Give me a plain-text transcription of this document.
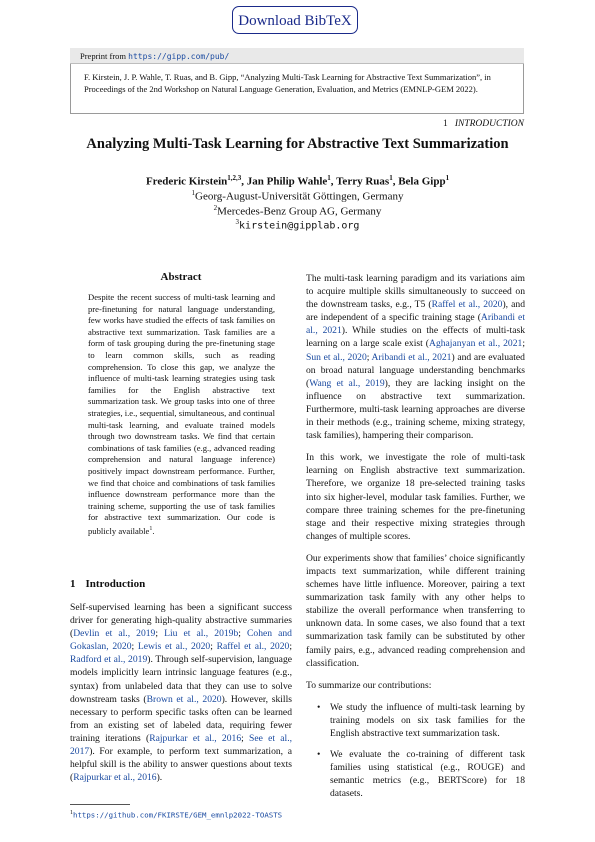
Download BibTeX
Preprint from https://gipp.com/pub/
F. Kirstein, J. P. Wahle, T. Ruas, and B. Gipp, “Analyzing Multi-Task Learning for Abstractive Text Summarization”, in Proceedings of the 2nd Workshop on Natural Language Generation, Evaluation, and Metrics (EMNLP-GEM 2022).
1 INTRODUCTION
Analyzing Multi-Task Learning for Abstractive Text Summarization
Frederic Kirstein$^{1,2,3}$, Jan Philip Wahle$^1$, Terry Ruas$^1$, Bela Gipp$^1$
$^1$Georg-August-Universität Göttingen, Germany
$^2$Mercedes-Benz Group AG, Germany
$^3$kirstein@gipplab.org
Abstract
Despite the recent success of multi-task learning and pre-finetuning for natural language understanding, few works have studied the effects of task families on abstractive text summarization. Task families are a form of task grouping during the pre-finetuning stage to learn common skills, such as reading comprehension. To close this gap, we analyze the influence of multi-task learning strategies using task families for the English abstractive text summarization task. We group tasks into one of three strategies, i.e., sequential, simultaneous, and continual multi-task learning, and evaluate trained models through two downstream tasks. We find that certain combinations of task families (e.g., advanced reading comprehension and natural language inference) positively impact downstream performance. Further, we find that choice and combinations of task families influence downstream performance more than the training scheme, supporting the use of task families for abstractive text summarization. Our code is publicly available$^1$.
1 Introduction

Self-supervised learning has been a significant success driver for generating high-quality abstractive summaries (Devlin et al., 2019; Liu et al., 2019b; Cohen and Gokaslan, 2020; Lewis et al., 2020; Raffel et al., 2020; Radford et al., 2019). Through self-supervision, language models implicitly learn intrinsic language features (e.g., syntax) from unlabeled data that they can use to solve downstream tasks (Brown et al., 2020). However, skills necessary to perform specific tasks often can be learned from an existing set of labeled data, requiring fewer training iterations (Rajpurkar et al., 2016; See et al., 2017). For example, to perform text summarization, a helpful skill is the ability to answer questions about texts (Rajpurkar et al., 2016).

The multi-task learning paradigm and its variations aim to acquire multiple skills simultaneously to succeed on the downstream tasks, e.g., T5 (Raffel et al., 2020), and are independent of a specific training stage (Aribandi et al., 2021). While studies on the effects of multi-task learning on a large scale exist (Aghajanyan et al., 2021; Sun et al., 2020; Aribandi et al., 2021) and are evaluated on broad natural language understanding benchmarks (Wang et al., 2019), they are lacking insight on the influence on abstractive text summarization. Furthermore, multi-task learning approaches are diverse in their methods (e.g., training scheme, mixing strategy, task families), hampering their comparison.

In this work, we investigate the role of multi-task learning on English abstractive text summarization. Therefore, we organize 18 pre-selected training tasks into six higher-level, modular task families. Further, we compare three training schemes for the pre-finetuning stage and their respective mixing strategies through changes of multiple scores.

Our experiments show that families’ choice significantly impacts text summarization, while different training schemes have little influence. Moreover, pairing a text summarization task family with any other helps to stabilize the overall performance when transferring to unknown data. In some cases, we also found that a text summarization task family can be substituted by other family pairs, e.g., advanced reading comprehension and classification.

To summarize our contributions:

• We study the influence of multi-task learning by training models on six task families for the English abstractive text summarization task.
• We evaluate the co-training of different task families using statistical (e.g., ROUGE) and semantic metrics (e.g., BERTScore) for 18 datasets.
$^1$https://github.com/FKIRSTE/GEM_emnlp2022-TOASTS
